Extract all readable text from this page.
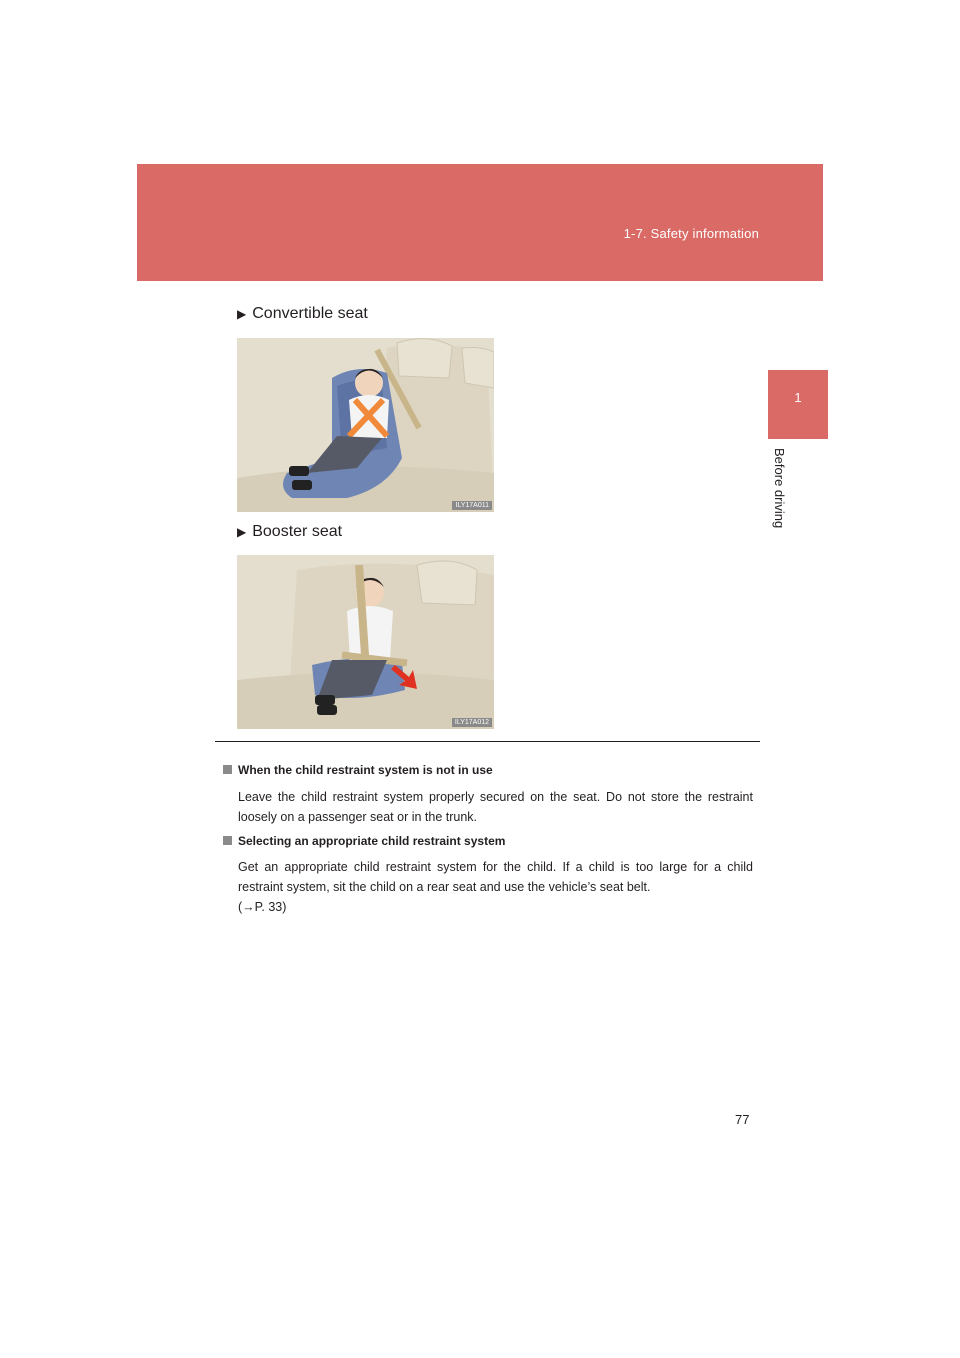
1-7. Safety information
1
Before driving
▶ Convertible seat
ILY17A011
▶ Booster seat
ILY17A012
When the child restraint system is not in use
Leave the child restraint system properly secured on the seat. Do not store the restraint loosely on a passenger seat or in the trunk.
Selecting an appropriate child restraint system
Get an appropriate child restraint system for the child. If a child is too large for a child restraint system, sit the child on a rear seat and use the vehicle’s seat belt.
(→P. 33)
77
